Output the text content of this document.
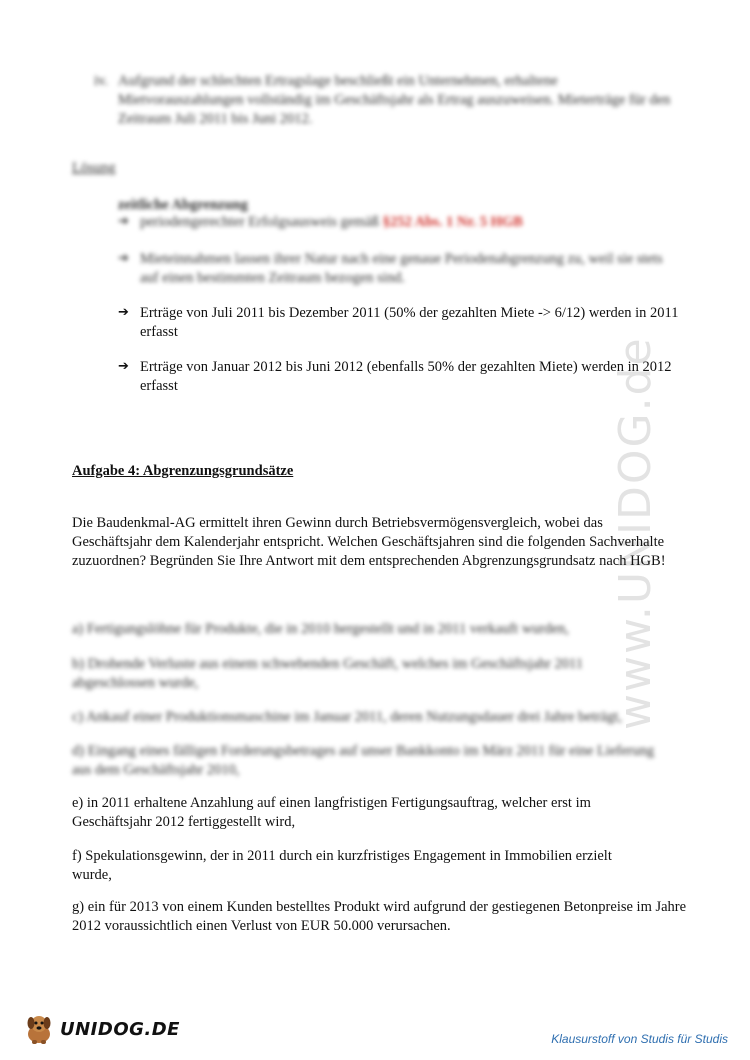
www.UNIDOG.de
iv. Aufgrund der schlechten Ertragslage beschließt ein Unternehmen, erhaltene Mietvorauszahlungen vollständig im Geschäftsjahr als Ertrag auszuweisen. Mieterträge für den Zeitraum Juli 2011 bis Juni 2012.
Lösung
zeitliche Abgrenzung
➔ periodengerechter Erfolgsausweis gemäß §252 Abs. 1 Nr. 5 HGB
➔ Mieteinnahmen lassen ihrer Natur nach eine genaue Periodenabgrenzung zu, weil sie stets auf einen bestimmten Zeitraum bezogen sind.
➔ Erträge von Juli 2011 bis Dezember 2011 (50% der gezahlten Miete -> 6/12) werden in 2011 erfasst
➔ Erträge von Januar 2012 bis Juni 2012 (ebenfalls 50% der gezahlten Miete) werden in 2012 erfasst
Aufgabe 4: Abgrenzungsgrundsätze
Die Baudenkmal-AG ermittelt ihren Gewinn durch Betriebsvermögensvergleich, wobei das Geschäftsjahr dem Kalenderjahr entspricht. Welchen Geschäftsjahren sind die folgenden Sachverhalte zuzuordnen? Begründen Sie Ihre Antwort mit dem entsprechenden Abgrenzungsgrundsatz nach HGB!
a) Fertigungslöhne für Produkte, die in 2010 hergestellt und in 2011 verkauft wurden,
b) Drohende Verluste aus einem schwebenden Geschäft, welches im Geschäftsjahr 2011 abgeschlossen wurde,
c) Ankauf einer Produktionsmaschine im Januar 2011, deren Nutzungsdauer drei Jahre beträgt,
d) Eingang eines fälligen Forderungsbetrages auf unser Bankkonto im März 2011 für eine Lieferung aus dem Geschäftsjahr 2010,
e) in 2011 erhaltene Anzahlung auf einen langfristigen Fertigungsauftrag, welcher erst im Geschäftsjahr 2012 fertiggestellt wird,
f) Spekulationsgewinn, der in 2011 durch ein kurzfristiges Engagement in Immobilien erzielt wurde,
g) ein für 2013 von einem Kunden bestelltes Produkt wird aufgrund der gestiegenen Betonpreise im Jahre 2012 voraussichtlich einen Verlust von EUR 50.000 verursachen.
UNIDOG.DE	Klausurstoff von Studis für Studis
